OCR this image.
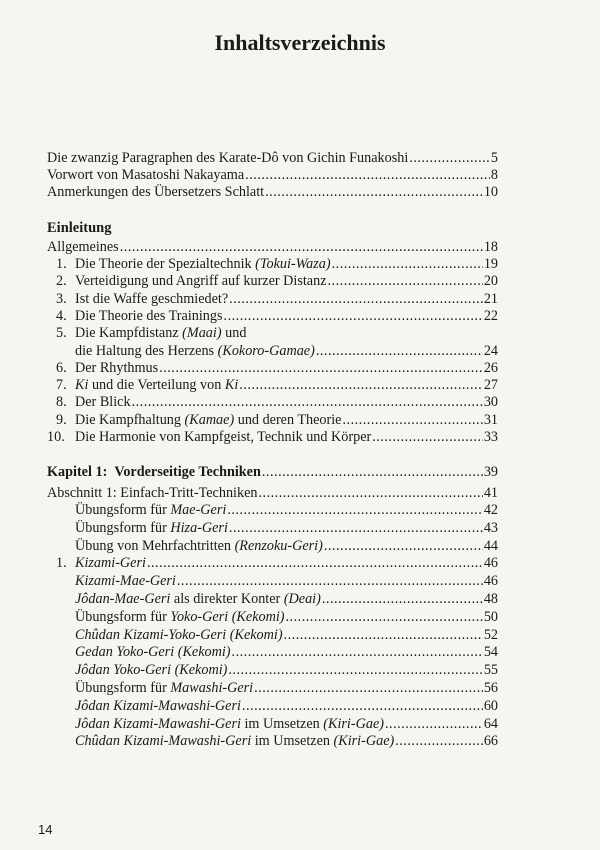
Inhaltsverzeichnis
Die zwanzig Paragraphen des Karate-Dô von Gichin Funakoshi .....	5
Vorwort von Masatoshi Nakayama .....	8
Anmerkungen des Übersetzers Schlatt .....	10
Einleitung
Allgemeines .....	18
1. Die Theorie der Spezialtechnik (Tokui-Waza) .....	19
2. Verteidigung und Angriff auf kurzer Distanz .....	20
3. Ist die Waffe geschmiedet? .....	21
4. Die Theorie des Trainings .....	22
5. Die Kampfdistanz (Maai) und
die Haltung des Herzens (Kokoro-Gamae) .....	24
6. Der Rhythmus .....	26
7. Ki und die Verteilung von Ki .....	27
8. Der Blick .....	30
9. Die Kampfhaltung (Kamae) und deren Theorie .....	31
10. Die Harmonie von Kampfgeist, Technik und Körper .....	33
Kapitel 1:  Vorderseitige Techniken .....	39
Abschnitt 1: Einfach-Tritt-Techniken .....	41
Übungsform für Mae-Geri .....	42
Übungsform für Hiza-Geri .....	43
Übung von Mehrfachtritten (Renzoku-Geri) .....	44
1. Kizami-Geri .....	46
Kizami-Mae-Geri .....	46
Jôdan-Mae-Geri als direkter Konter (Deai) .....	48
Übungsform für Yoko-Geri (Kekomi) .....	50
Chûdan Kizami-Yoko-Geri (Kekomi) .....	52
Gedan Yoko-Geri (Kekomi) .....	54
Jôdan Yoko-Geri (Kekomi) .....	55
Übungsform für Mawashi-Geri .....	56
Jôdan Kizami-Mawashi-Geri .....	60
Jôdan Kizami-Mawashi-Geri im Umsetzen (Kiri-Gae) .....	64
Chûdan Kizami-Mawashi-Geri im Umsetzen (Kiri-Gae) .....	66
14
